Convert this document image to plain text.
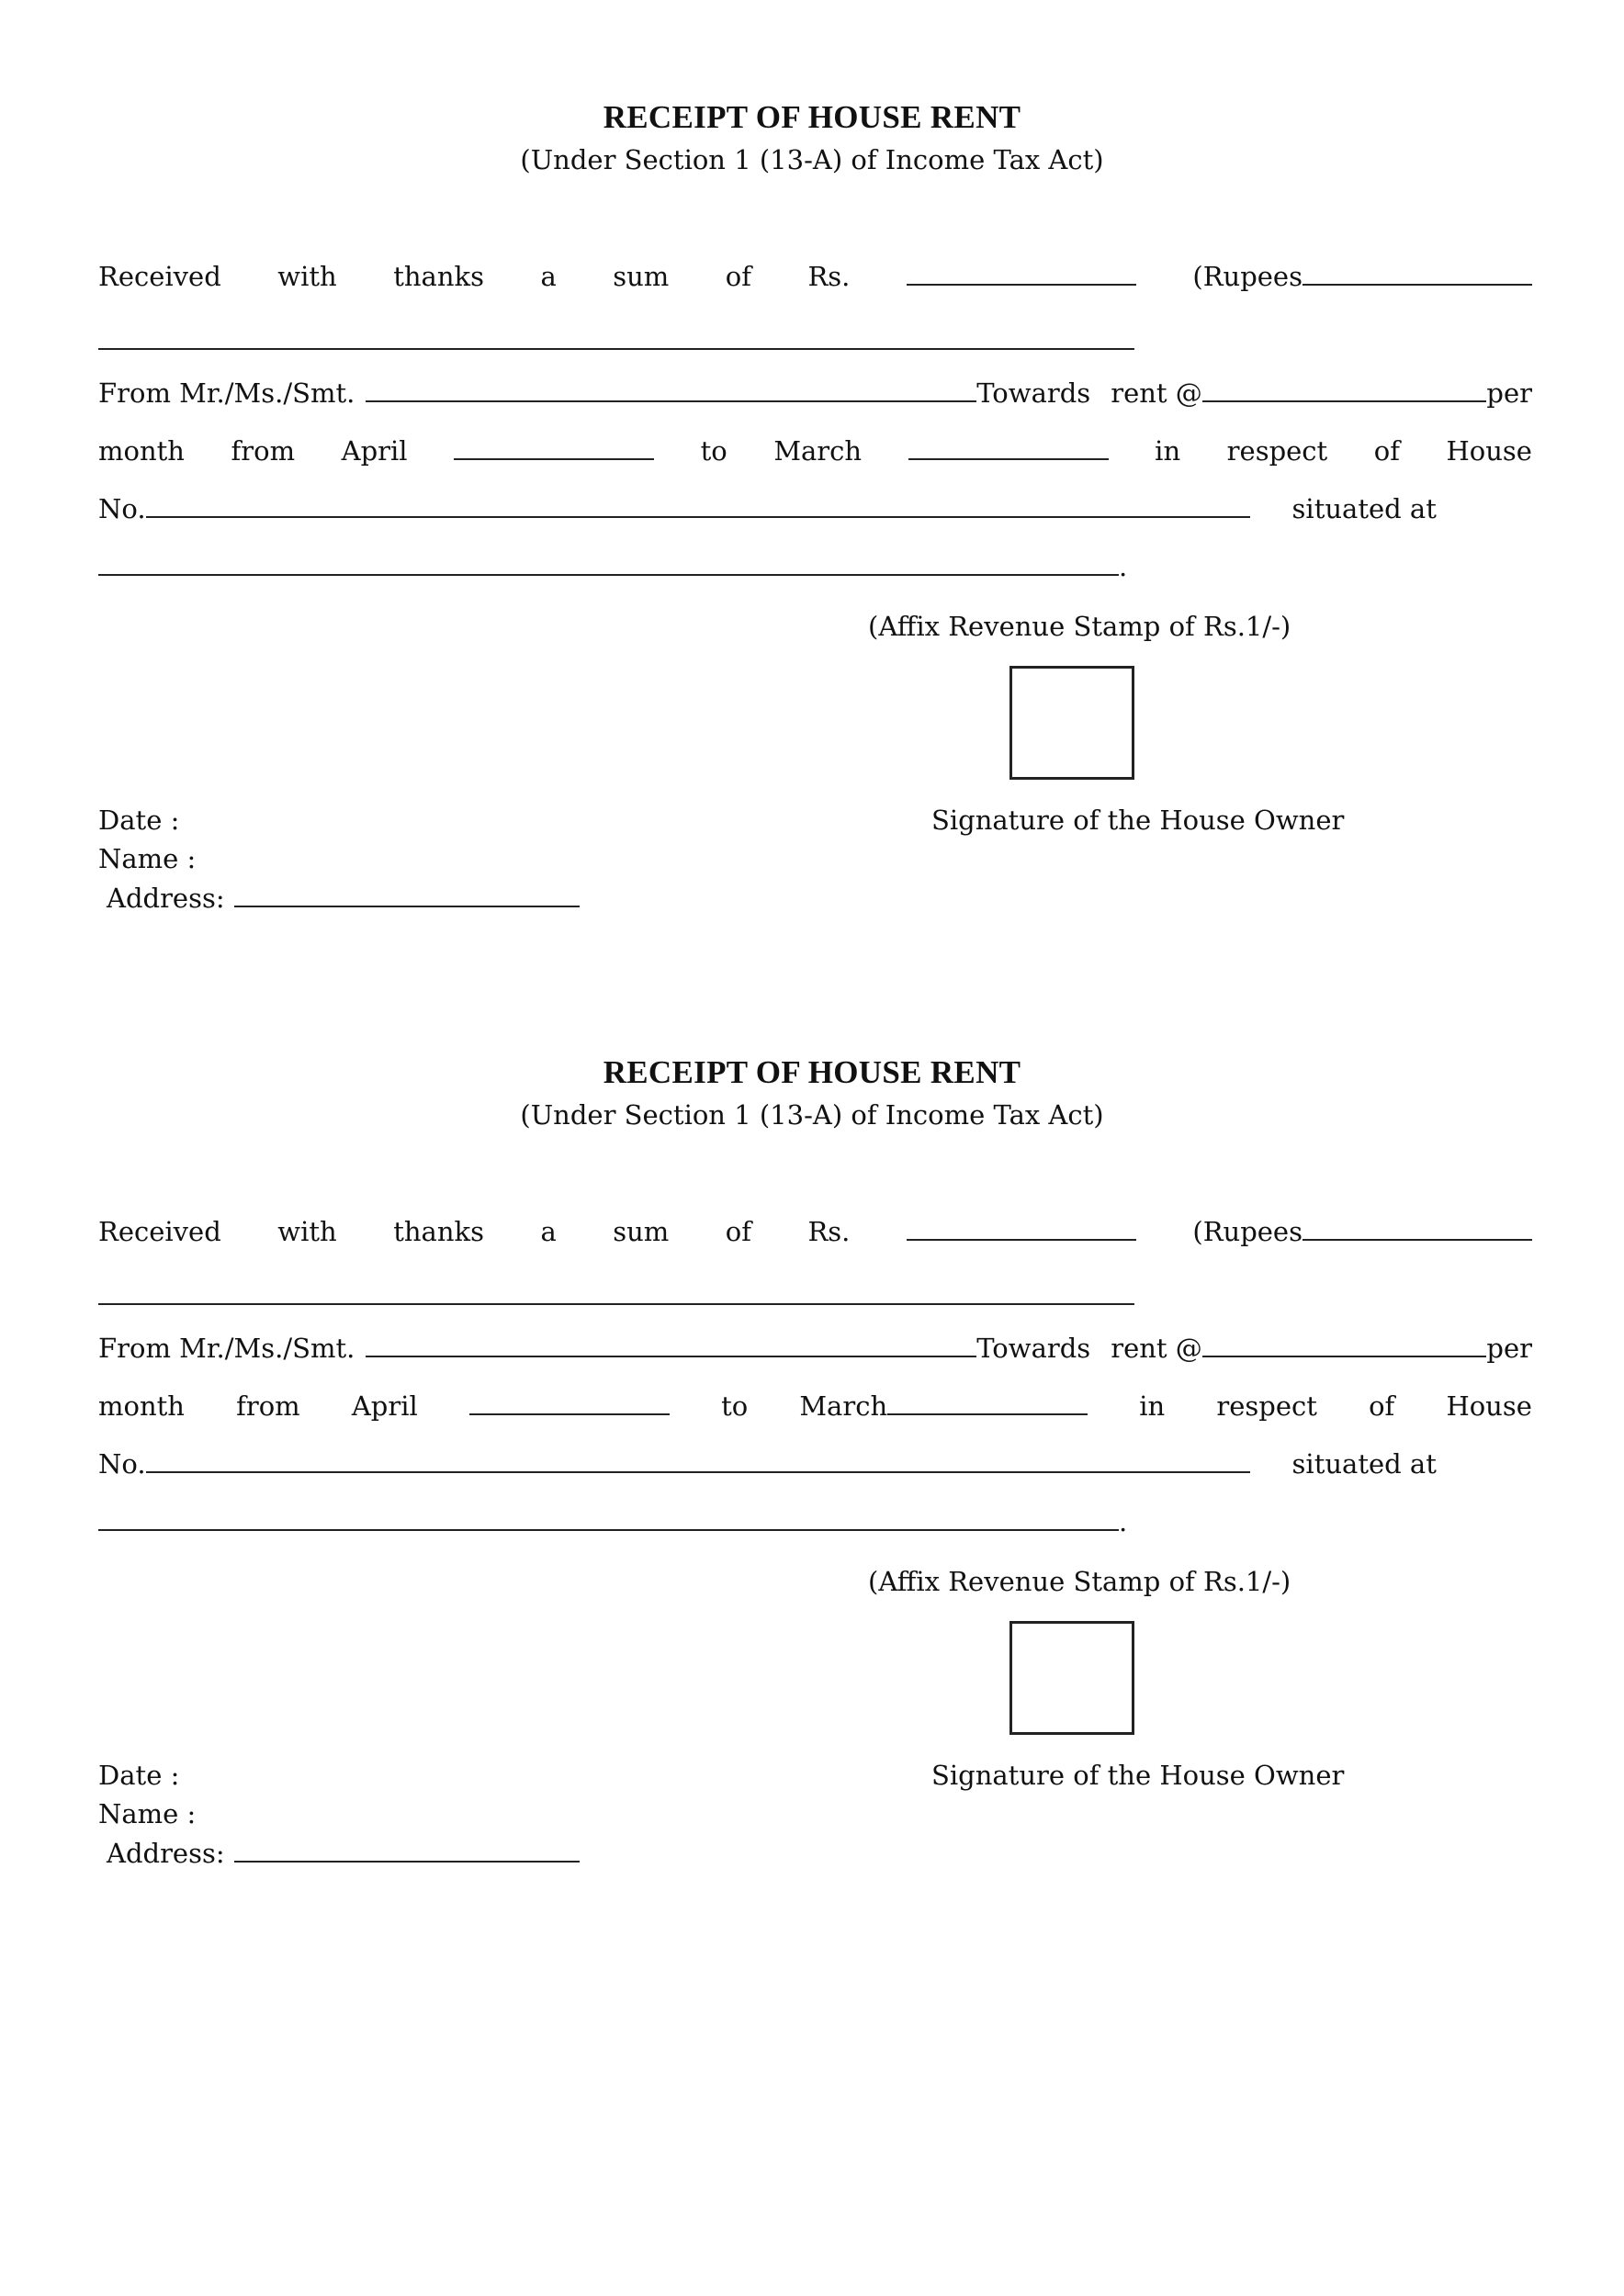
RECEIPT OF HOUSE RENT
(Under Section 1 (13-A) of Income Tax Act)
Received with thanks a sum of Rs.	(Rupees
From Mr./Ms./Smt.	Towards rent @	per
month from April	to March	in respect of House
No.	situated at
.
(Affix Revenue Stamp of Rs.1/-)
Signature of the House Owner
Date :
Name :
Address:
RECEIPT OF HOUSE RENT
(Under Section 1 (13-A) of Income Tax Act)
Received with thanks a sum of Rs.	(Rupees
From Mr./Ms./Smt.	Towards rent @	per
month from April	to March	in respect of House
No.	situated at
.
(Affix Revenue Stamp of Rs.1/-)
Signature of the House Owner
Date :
Name :
Address:
